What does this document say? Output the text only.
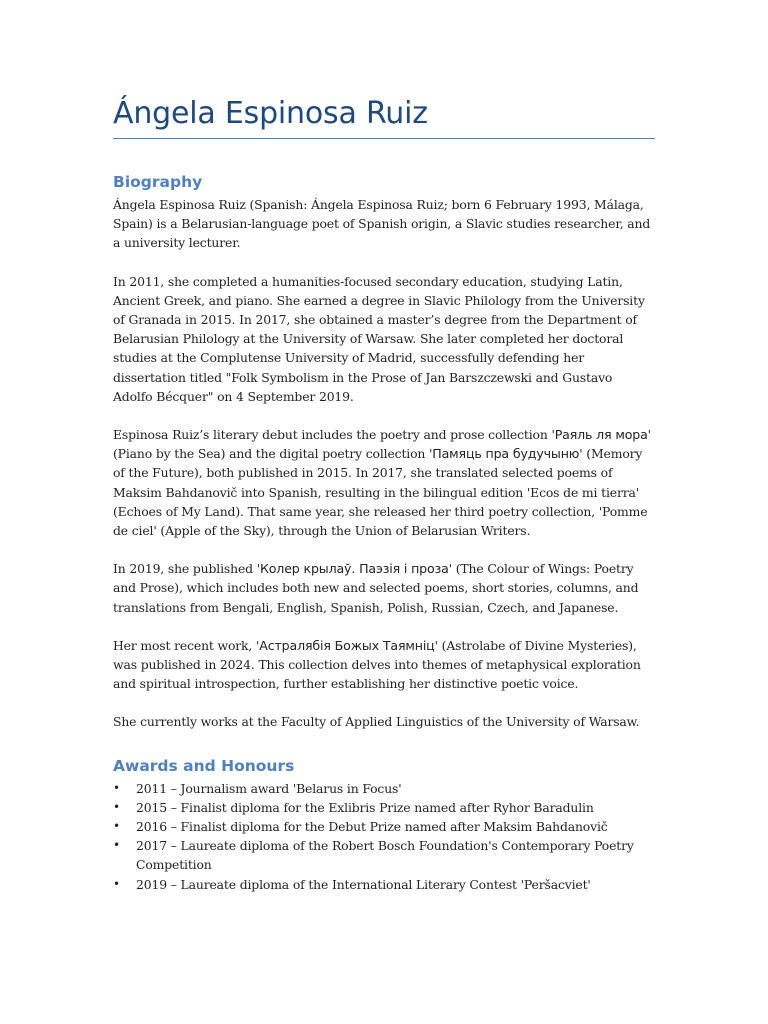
Ángela Espinosa Ruiz
Biography

Ángela Espinosa Ruiz (Spanish: Ángela Espinosa Ruiz; born 6 February 1993, Málaga, Spain) is a Belarusian-language poet of Spanish origin, a Slavic studies researcher, and a university lecturer.

In 2011, she completed a humanities-focused secondary education, studying Latin, Ancient Greek, and piano. She earned a degree in Slavic Philology from the University of Granada in 2015. In 2017, she obtained a master’s degree from the Department of Belarusian Philology at the University of Warsaw. She later completed her doctoral studies at the Complutense University of Madrid, successfully defending her dissertation titled "Folk Symbolism in the Prose of Jan Barszczewski and Gustavo Adolfo Bécquer" on 4 September 2019.

Espinosa Ruiz’s literary debut includes the poetry and prose collection 'Раяль ля мора' (Piano by the Sea) and the digital poetry collection 'Памяць пра будучыню' (Memory of the Future), both published in 2015. In 2017, she translated selected poems of Maksim Bahdanovič into Spanish, resulting in the bilingual edition 'Ecos de mi tierra' (Echoes of My Land). That same year, she released her third poetry collection, 'Pomme de ciel' (Apple of the Sky), through the Union of Belarusian Writers.

In 2019, she published 'Колер крылаў. Паэзія і проза' (The Colour of Wings: Poetry and Prose), which includes both new and selected poems, short stories, columns, and translations from Bengali, English, Spanish, Polish, Russian, Czech, and Japanese.

Her most recent work, 'Астралябія Божых Таямніц' (Astrolabe of Divine Mysteries), was published in 2024. This collection delves into themes of metaphysical exploration and spiritual introspection, further establishing her distinctive poetic voice.

She currently works at the Faculty of Applied Linguistics of the University of Warsaw.

Awards and Honours
• 2011 – Journalism award 'Belarus in Focus'
• 2015 – Finalist diploma for the Exlibris Prize named after Ryhor Baradulin
• 2016 – Finalist diploma for the Debut Prize named after Maksim Bahdanovič
• 2017 – Laureate diploma of the Robert Bosch Foundation's Contemporary Poetry Competition
• 2019 – Laureate diploma of the International Literary Contest 'Peršacviet'
